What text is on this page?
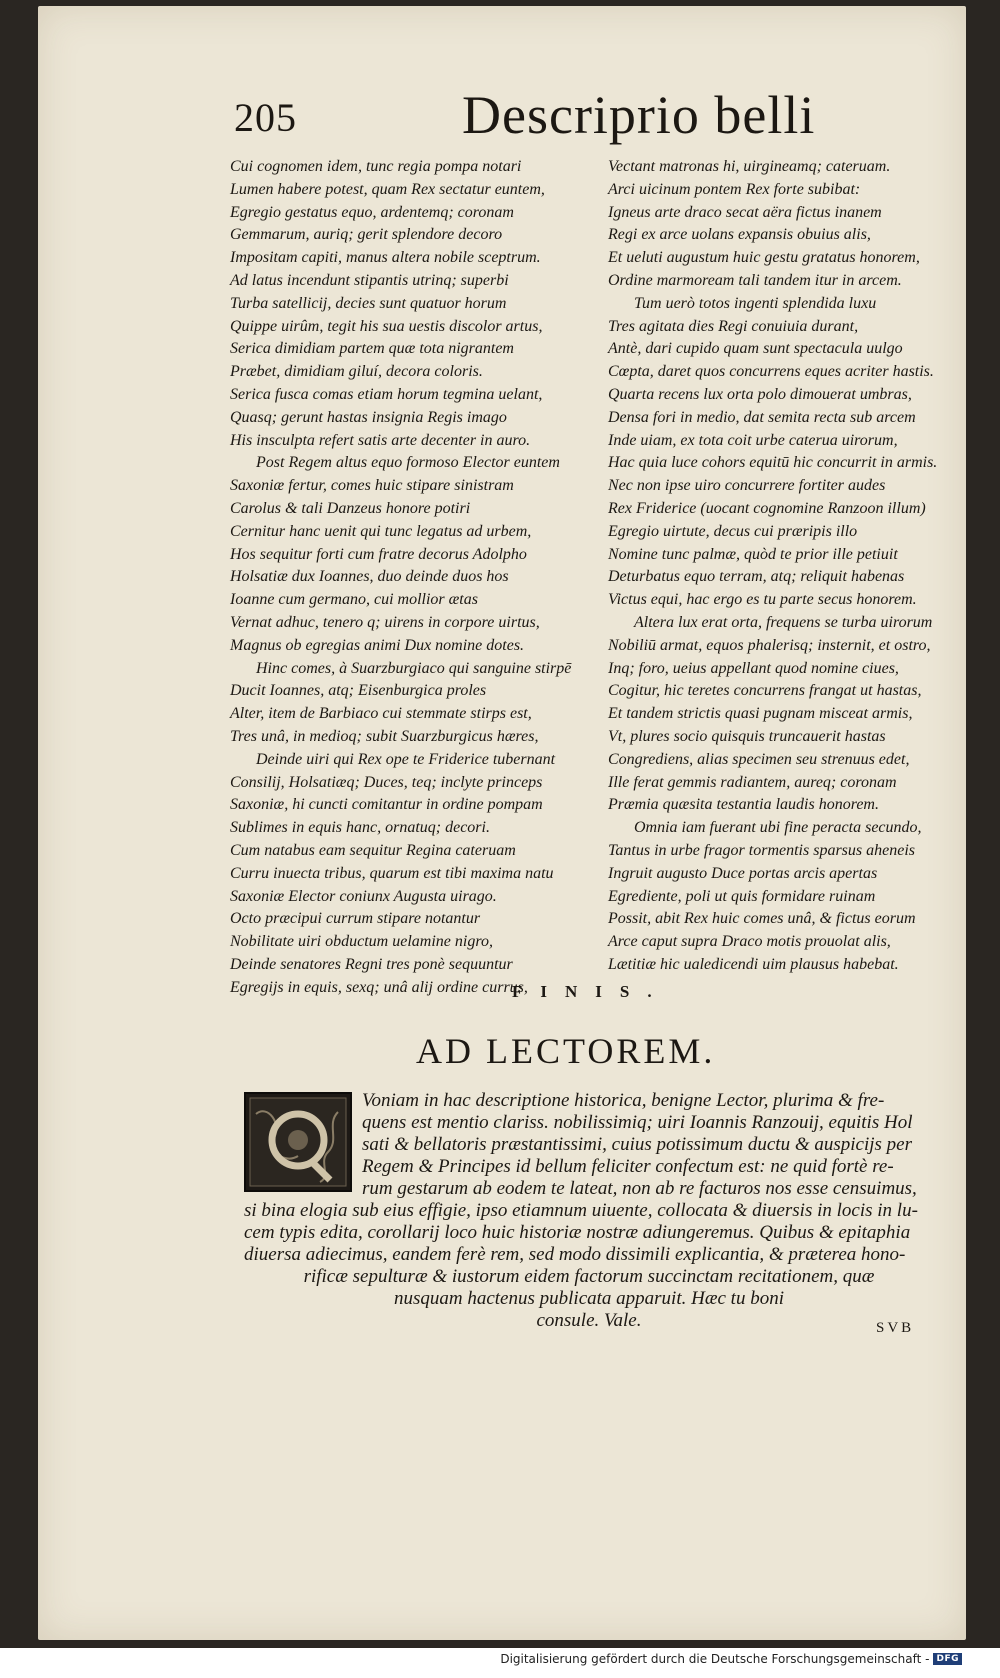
205	Descriprio belli
Cui cognomen idem, tunc regia pompa notari
Lumen habere potest, quam Rex sectatur euntem,
Egregio gestatus equo, ardentemq; coronam
Gemmarum, auriq; gerit splendore decoro
Impositam capiti, manus altera nobile sceptrum.
Ad latus incendunt stipantis utrinq; superbi
Turba satellicij, decies sunt quatuor horum
Quippe uirûm, tegit his sua uestis discolor artus,
Serica dimidiam partem quæ tota nigrantem
Præbet, dimidiam giluí, decora coloris.
Serica fusca comas etiam horum tegmina uelant,
Quasq; gerunt hastas insignia Regis imago
His insculpta refert satis arte decenter in auro.
Post Regem altus equo formoso Elector euntem
Saxoniæ fertur, comes huic stipare sinistram
Carolus & tali Danzeus honore potiri
Cernitur hanc uenit qui tunc legatus ad urbem,
Hos sequitur forti cum fratre decorus Adolpho
Holsatiæ dux Ioannes, duo deinde duos hos
Ioanne cum germano, cui mollior ætas
Vernat adhuc, tenero q; uirens in corpore uirtus,
Magnus ob egregias animi Dux nomine dotes.
Hinc comes, à Suarzburgiaco qui sanguine stirpē
Ducit Ioannes, atq; Eisenburgica proles
Alter, item de Barbiaco cui stemmate stirps est,
Tres unâ, in medioq; subit Suarzburgicus hæres,
Deinde uiri qui Rex ope te Friderice tubernant
Consilij, Holsatiæq; Duces, teq; inclyte princeps
Saxoniæ, hi cuncti comitantur in ordine pompam
Sublimes in equis hanc, ornatuq; decori.
Cum natabus eam sequitur Regina cateruam
Curru inuecta tribus, quarum est tibi maxima natu
Saxoniæ Elector coniunx Augusta uirago.
Octo præcipui currum stipare notantur
Nobilitate uiri obductum uelamine nigro,
Deinde senatores Regni tres ponè sequuntur
Egregijs in equis, sexq; unâ alij ordine currus,
Vectant matronas hi, uirgineamq; cateruam.
Arci uicinum pontem Rex forte subibat:
Igneus arte draco secat aëra fictus inanem
Regi ex arce uolans expansis obuius alis,
Et ueluti augustum huic gestu gratatus honorem,
Ordine marmoream tali tandem itur in arcem.
Tum uerò totos ingenti splendida luxu
Tres agitata dies Regi conuiuia durant,
Antè, dari cupido quam sunt spectacula uulgo
Cœpta, daret quos concurrens eques acriter hastis.
Quarta recens lux orta polo dimouerat umbras,
Densa fori in medio, dat semita recta sub arcem
Inde uiam, ex tota coit urbe caterua uirorum,
Hac quia luce cohors equitū hic concurrit in armis.
Nec non ipse uiro concurrere fortiter audes
Rex Friderice (uocant cognomine Ranzoon illum)
Egregio uirtute, decus cui præripis illo
Nomine tunc palmæ, quòd te prior ille petiuit
Deturbatus equo terram, atq; reliquit habenas
Victus equi, hac ergo es tu parte secus honorem.
Altera lux erat orta, frequens se turba uirorum
Nobiliū armat, equos phalerisq; insternit, et ostro,
Inq; foro, ueius appellant quod nomine ciues,
Cogitur, hic teretes concurrens frangat ut hastas,
Et tandem strictis quasi pugnam misceat armis,
Vt, plures socio quisquis truncauerit hastas
Congrediens, alias specimen seu strenuus edet,
Ille ferat gemmis radiantem, aureq; coronam
Præmia quæsita testantia laudis honorem.
Omnia iam fuerant ubi fine peracta secundo,
Tantus in urbe fragor tormentis sparsus aheneis
Ingruit augusto Duce portas arcis apertas
Egrediente, poli ut quis formidare ruinam
Possit, abit Rex huic comes unâ, & fictus eorum
Arce caput supra Draco motis prouolat alis,
Lætitiæ hic ualedicendi uim plausus habebat.
FINIS.
AD LECTOREM.
Voniam in hac descriptione historica, benigne Lector, plurima & fre-
quens est mentio clariss. nobilissimiq; uiri Ioannis Ranzouij, equitis Hol
sati & bellatoris præstantissimi, cuius potissimum ductu & auspicijs per
Regem & Principes id bellum feliciter confectum est: ne quid fortè re-
rum gestarum ab eodem te lateat, non ab re facturos nos esse censuimus,
si bina elogia sub eius effigie, ipso etiamnum uiuente, collocata & diuersis in locis in lu-
cem typis edita, corollarij loco huic historiæ nostræ adiungeremus. Quibus & epitaphia
diuersa adiecimus, eandem ferè rem, sed modo dissimili explicantia, & præterea hono-
rificæ sepulturæ & iustorum eidem factorum succinctam recitationem, quæ
nusquam hactenus publicata apparuit. Hæc tu boni
consule. Vale.	SVB
Digitalisierung gefördert durch die Deutsche Forschungsgemeinschaft - DFG
